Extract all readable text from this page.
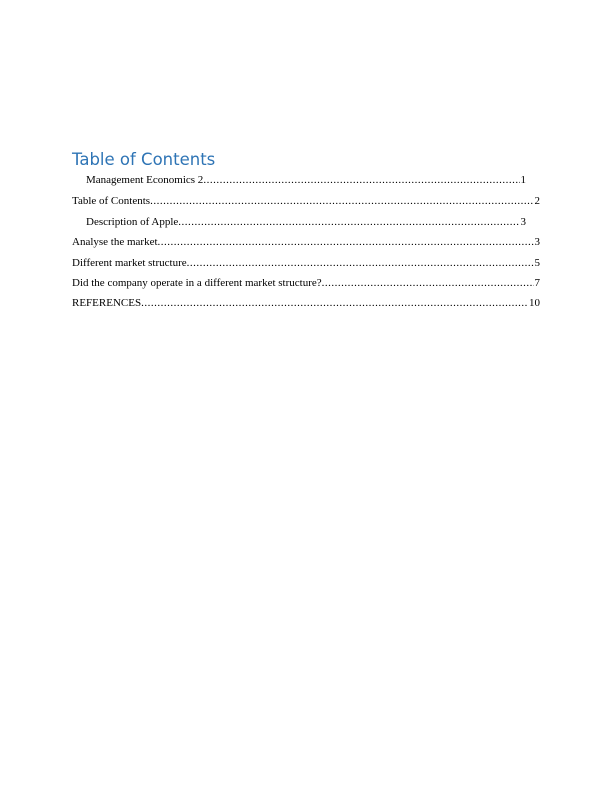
Table of Contents
Management Economics 2 .....	1
Table of Contents .....	2
Description of Apple .....	3
Analyse the market .....	3
Different market structure .....	5
Did the company operate in a different market structure? .....	7
REFERENCES .....	10
